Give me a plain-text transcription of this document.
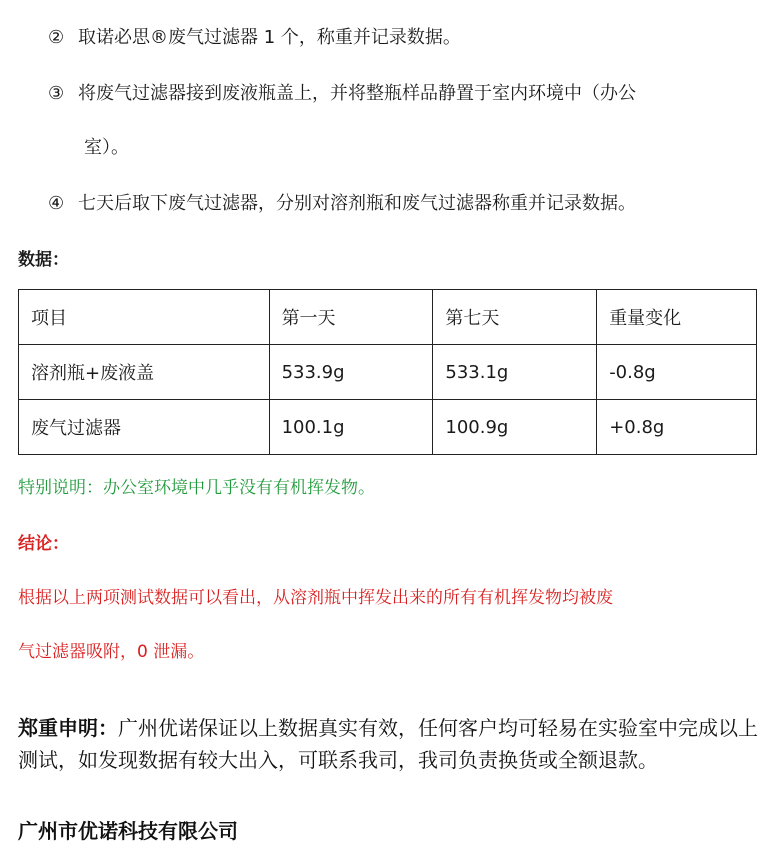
② 取诺必思®废气过滤器 1 个，称重并记录数据。
③ 将废气过滤器接到废液瓶盖上，并将整瓶样品静置于室内环境中（办公
室）。
④ 七天后取下废气过滤器，分别对溶剂瓶和废气过滤器称重并记录数据。
数据：
项目	第一天	第七天	重量变化
溶剂瓶+废液盖	533.9g	533.1g	-0.8g
废气过滤器	100.1g	100.9g	+0.8g
特别说明：办公室环境中几乎没有有机挥发物。
结论：
根据以上两项测试数据可以看出，从溶剂瓶中挥发出来的所有有机挥发物均被废
气过滤器吸附，0 泄漏。
郑重申明：广州优诺保证以上数据真实有效，任何客户均可轻易在实验室中完成以上测试，如发现数据有较大出入，可联系我司，我司负责换货或全额退款。
广州市优诺科技有限公司
